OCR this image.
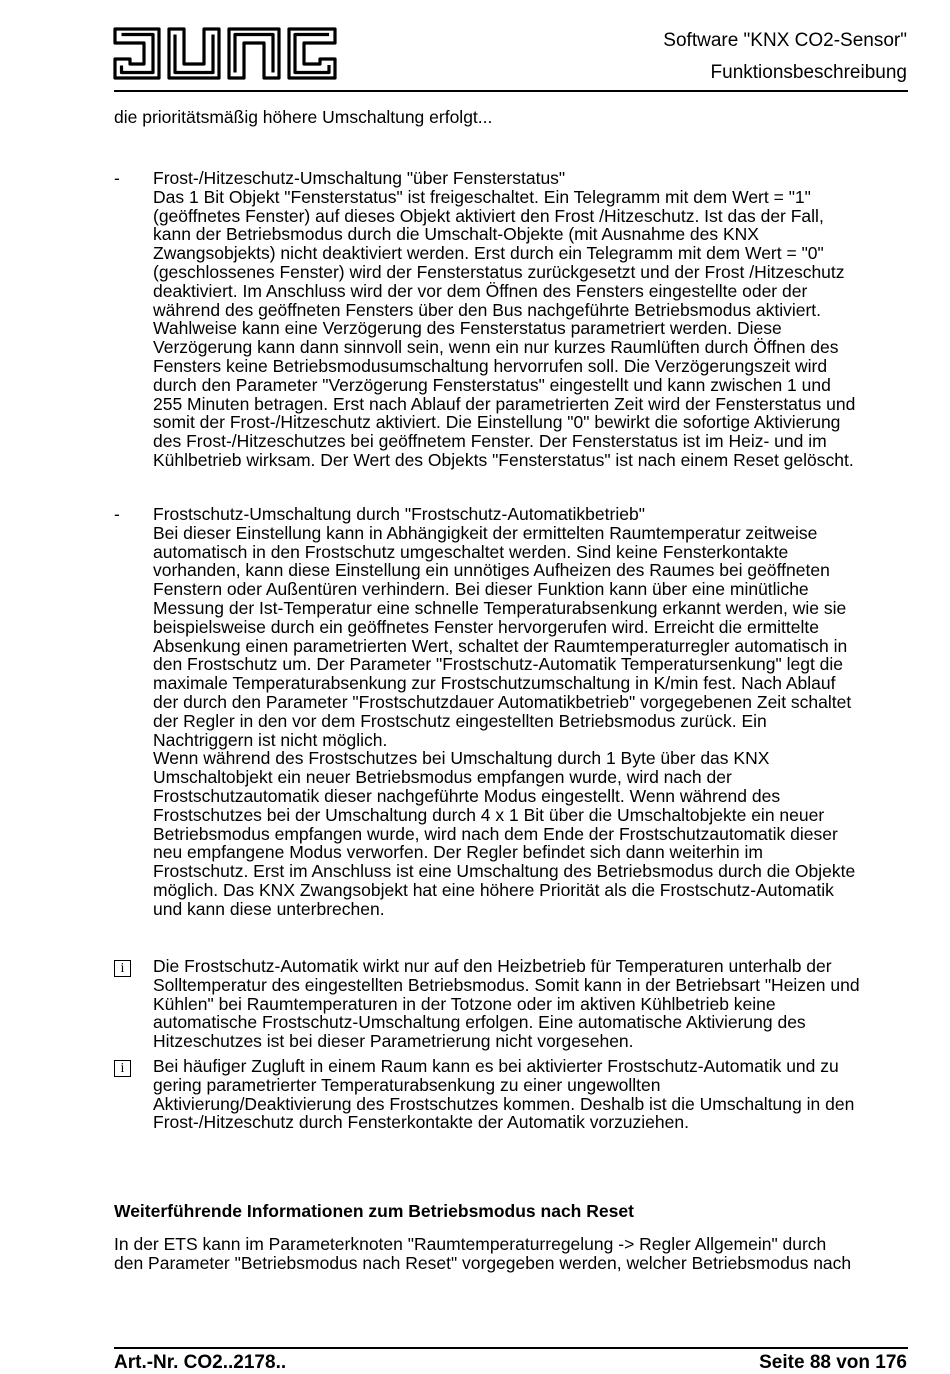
Software "KNX CO2-Sensor"
Funktionsbeschreibung
die prioritätsmäßig höhere Umschaltung erfolgt...
- Frost-/Hitzeschutz-Umschaltung "über Fensterstatus"
Das 1 Bit Objekt "Fensterstatus" ist freigeschaltet. Ein Telegramm mit dem Wert = "1"
(geöffnetes Fenster) auf dieses Objekt aktiviert den Frost /Hitzeschutz. Ist das der Fall,
kann der Betriebsmodus durch die Umschalt-Objekte (mit Ausnahme des KNX
Zwangsobjekts) nicht deaktiviert werden. Erst durch ein Telegramm mit dem Wert = "0"
(geschlossenes Fenster) wird der Fensterstatus zurückgesetzt und der Frost /Hitzeschutz
deaktiviert. Im Anschluss wird der vor dem Öffnen des Fensters eingestellte oder der
während des geöffneten Fensters über den Bus nachgeführte Betriebsmodus aktiviert.
Wahlweise kann eine Verzögerung des Fensterstatus parametriert werden. Diese
Verzögerung kann dann sinnvoll sein, wenn ein nur kurzes Raumlüften durch Öffnen des
Fensters keine Betriebsmodusumschaltung hervorrufen soll. Die Verzögerungszeit wird
durch den Parameter "Verzögerung Fensterstatus" eingestellt und kann zwischen 1 und
255 Minuten betragen. Erst nach Ablauf der parametrierten Zeit wird der Fensterstatus und
somit der Frost-/Hitzeschutz aktiviert. Die Einstellung "0" bewirkt die sofortige Aktivierung
des Frost-/Hitzeschutzes bei geöffnetem Fenster. Der Fensterstatus ist im Heiz- und im
Kühlbetrieb wirksam. Der Wert des Objekts "Fensterstatus" ist nach einem Reset gelöscht.
- Frostschutz-Umschaltung durch "Frostschutz-Automatikbetrieb"
Bei dieser Einstellung kann in Abhängigkeit der ermittelten Raumtemperatur zeitweise
automatisch in den Frostschutz umgeschaltet werden. Sind keine Fensterkontakte
vorhanden, kann diese Einstellung ein unnötiges Aufheizen des Raumes bei geöffneten
Fenstern oder Außentüren verhindern. Bei dieser Funktion kann über eine minütliche
Messung der Ist-Temperatur eine schnelle Temperaturabsenkung erkannt werden, wie sie
beispielsweise durch ein geöffnetes Fenster hervorgerufen wird. Erreicht die ermittelte
Absenkung einen parametrierten Wert, schaltet der Raumtemperaturregler automatisch in
den Frostschutz um. Der Parameter "Frostschutz-Automatik Temperatursenkung" legt die
maximale Temperaturabsenkung zur Frostschutzumschaltung in K/min fest. Nach Ablauf
der durch den Parameter "Frostschutzdauer Automatikbetrieb" vorgegebenen Zeit schaltet
der Regler in den vor dem Frostschutz eingestellten Betriebsmodus zurück. Ein
Nachtriggern ist nicht möglich.
Wenn während des Frostschutzes bei Umschaltung durch 1 Byte über das KNX
Umschaltobjekt ein neuer Betriebsmodus empfangen wurde, wird nach der
Frostschutzautomatik dieser nachgeführte Modus eingestellt. Wenn während des
Frostschutzes bei der Umschaltung durch 4 x 1 Bit über die Umschaltobjekte ein neuer
Betriebsmodus empfangen wurde, wird nach dem Ende der Frostschutzautomatik dieser
neu empfangene Modus verworfen. Der Regler befindet sich dann weiterhin im
Frostschutz. Erst im Anschluss ist eine Umschaltung des Betriebsmodus durch die Objekte
möglich. Das KNX Zwangsobjekt hat eine höhere Priorität als die Frostschutz-Automatik
und kann diese unterbrechen.
i	Die Frostschutz-Automatik wirkt nur auf den Heizbetrieb für Temperaturen unterhalb der
Solltemperatur des eingestellten Betriebsmodus. Somit kann in der Betriebsart "Heizen und
Kühlen" bei Raumtemperaturen in der Totzone oder im aktiven Kühlbetrieb keine
automatische Frostschutz-Umschaltung erfolgen. Eine automatische Aktivierung des
Hitzeschutzes ist bei dieser Parametrierung nicht vorgesehen.
i	Bei häufiger Zugluft in einem Raum kann es bei aktivierter Frostschutz-Automatik und zu
gering parametrierter Temperaturabsenkung zu einer ungewollten
Aktivierung/Deaktivierung des Frostschutzes kommen. Deshalb ist die Umschaltung in den
Frost-/Hitzeschutz durch Fensterkontakte der Automatik vorzuziehen.
Weiterführende Informationen zum Betriebsmodus nach Reset
In der ETS kann im Parameterknoten "Raumtemperaturregelung -> Regler Allgemein" durch
den Parameter "Betriebsmodus nach Reset" vorgegeben werden, welcher Betriebsmodus nach
Art.-Nr. CO2..2178..	Seite 88 von 176
